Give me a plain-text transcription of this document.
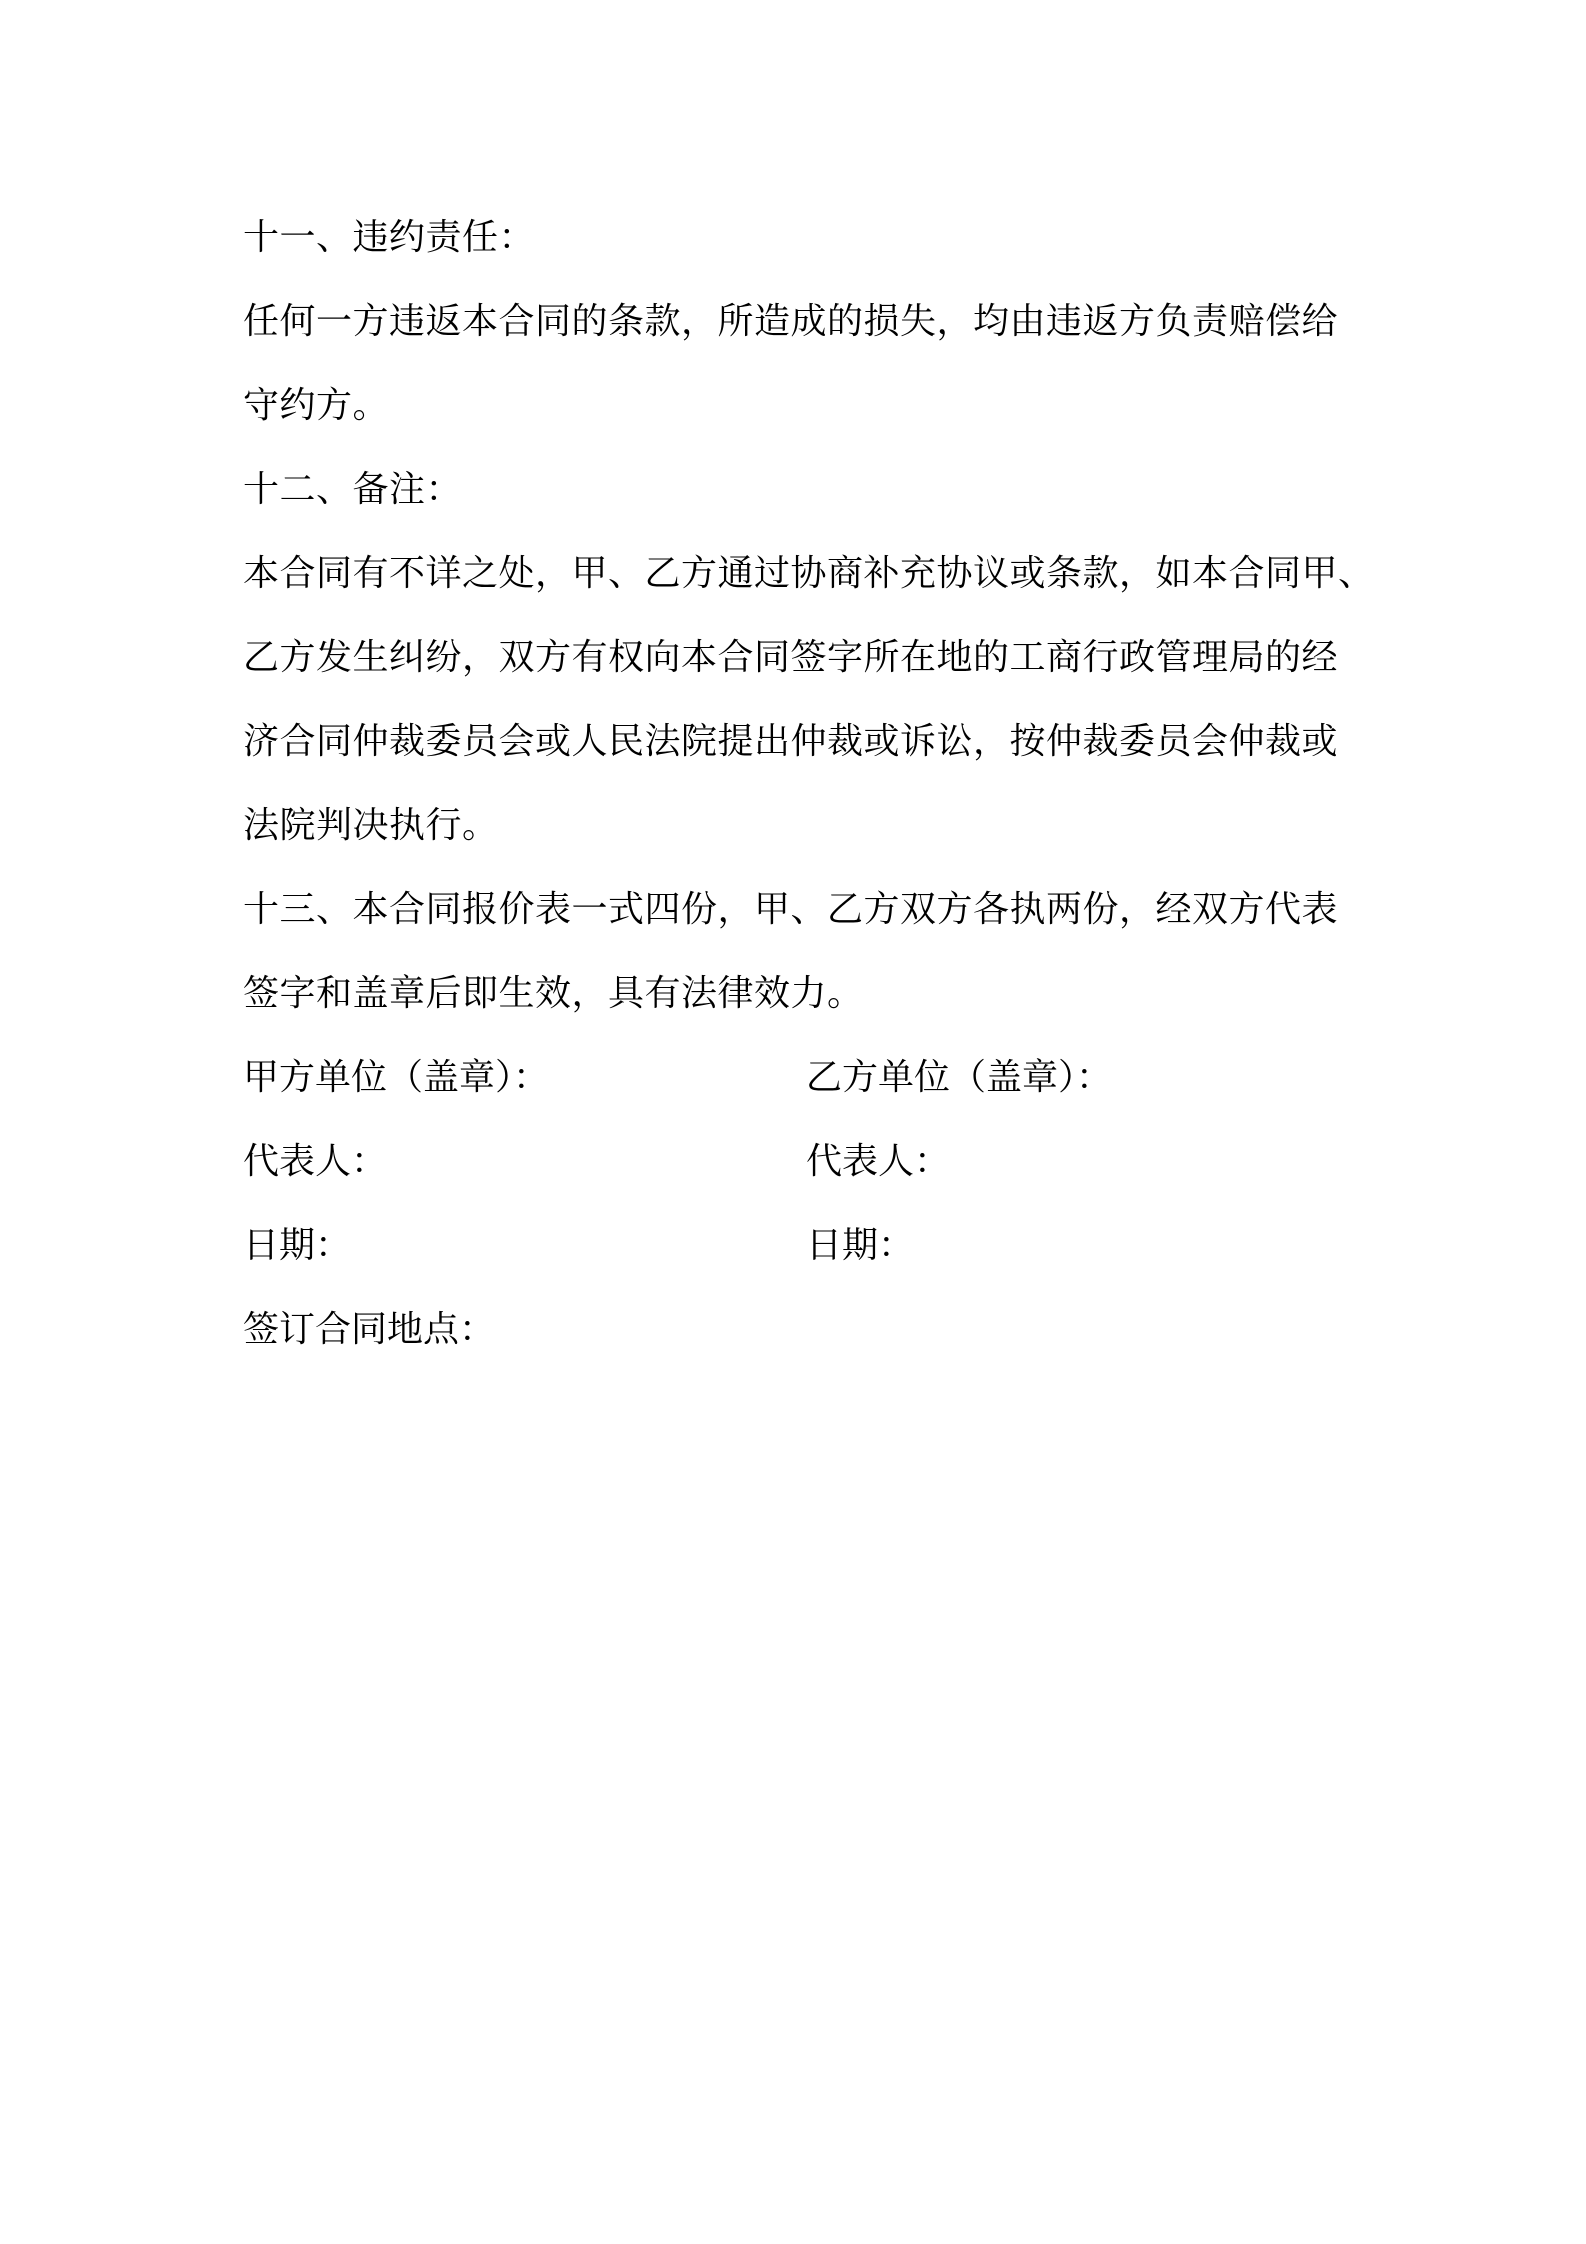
十一、违约责任：
任何一方违返本合同的条款，所造成的损失，均由违返方负责赔偿给
守约方。
十二、备注：
本合同有不详之处，甲、乙方通过协商补充协议或条款，如本合同甲、
乙方发生纠纷，双方有权向本合同签字所在地的工商行政管理局的经
济合同仲裁委员会或人民法院提出仲裁或诉讼，按仲裁委员会仲裁或
法院判决执行。
十三、本合同报价表一式四份，甲、乙方双方各执两份，经双方代表
签字和盖章后即生效，具有法律效力。
甲方单位（盖章）：	乙方单位（盖章）：
代表人：	代表人：
日期：	日期：
签订合同地点：
